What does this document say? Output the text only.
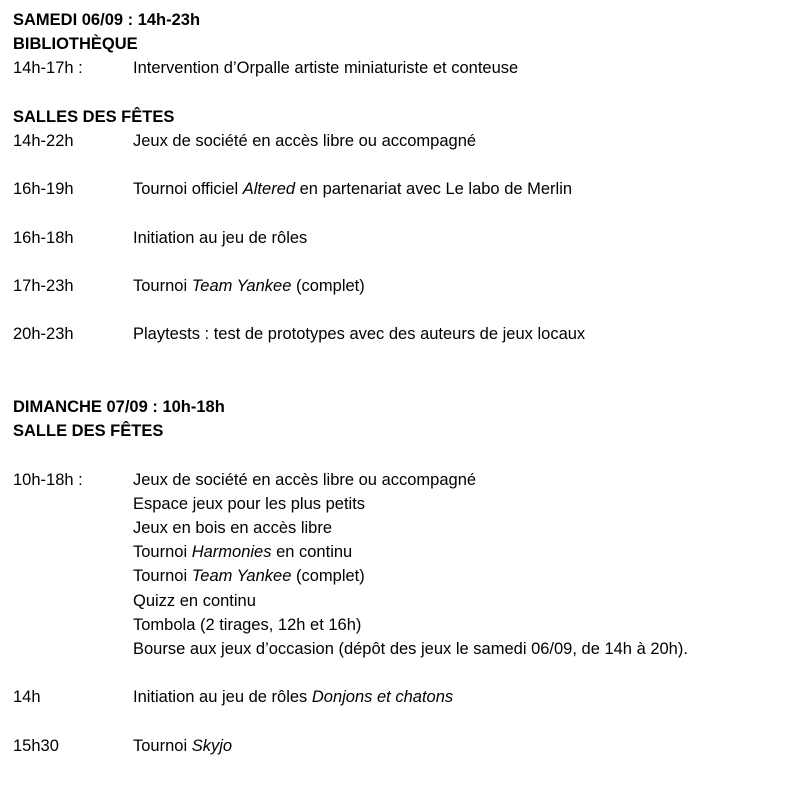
SAMEDI 06/09 : 14h-23h
BIBLIOTHÈQUE
14h-17h :	Intervention d’Orpalle artiste miniaturiste et conteuse
SALLES DES FÊTES
14h-22h	Jeux de société en accès libre ou accompagné
16h-19h	Tournoi officiel Altered en partenariat avec Le labo de Merlin
16h-18h	Initiation au jeu de rôles
17h-23h	Tournoi Team Yankee (complet)
20h-23h	Playtests : test de prototypes avec des auteurs de jeux locaux
DIMANCHE 07/09 : 10h-18h
SALLE DES FÊTES
10h-18h :	Jeux de société en accès libre ou accompagné
Espace jeux pour les plus petits
Jeux en bois en accès libre
Tournoi Harmonies en continu
Tournoi Team Yankee (complet)
Quizz en continu
Tombola (2 tirages, 12h et 16h)
Bourse aux jeux d’occasion (dépôt des jeux le samedi 06/09, de 14h à 20h).
14h	Initiation au jeu de rôles Donjons et chatons
15h30	Tournoi Skyjo
